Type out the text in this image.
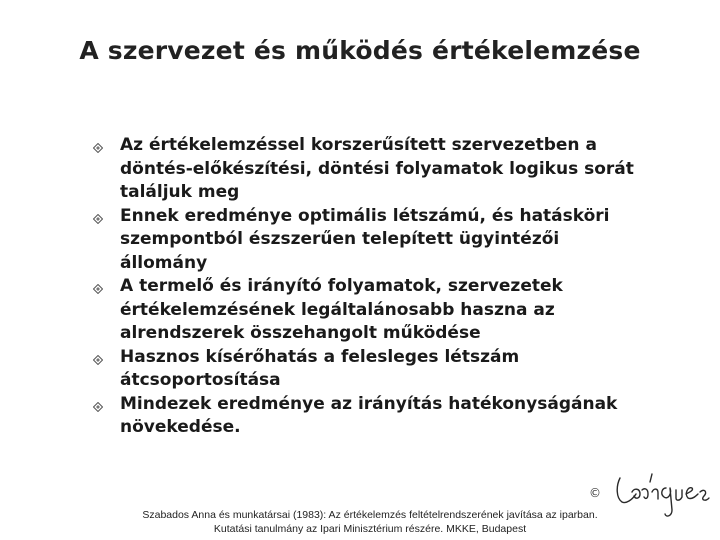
A szervezet és működés értékelemzése
Az értékelemzéssel korszerűsített szervezetben a
döntés-előkészítési, döntési folyamatok logikus sorát
találjuk meg
Ennek eredménye optimális létszámú, és hatásköri
szempontból észszerűen telepített ügyintézői
állomány
A termelő és irányító folyamatok, szervezetek
értékelemzésének legáltalánosabb haszna az
alrendszerek összehangolt működése
Hasznos kísérőhatás a felesleges létszám
átcsoportosítása
Mindezek eredménye az irányítás hatékonyságának
növekedése.
©
Szabados Anna és munkatársai (1983): Az értékelemzés feltételrendszerének javítása az iparban.
Kutatási tanulmány az Ipari Minisztérium részére. MKKE, Budapest
